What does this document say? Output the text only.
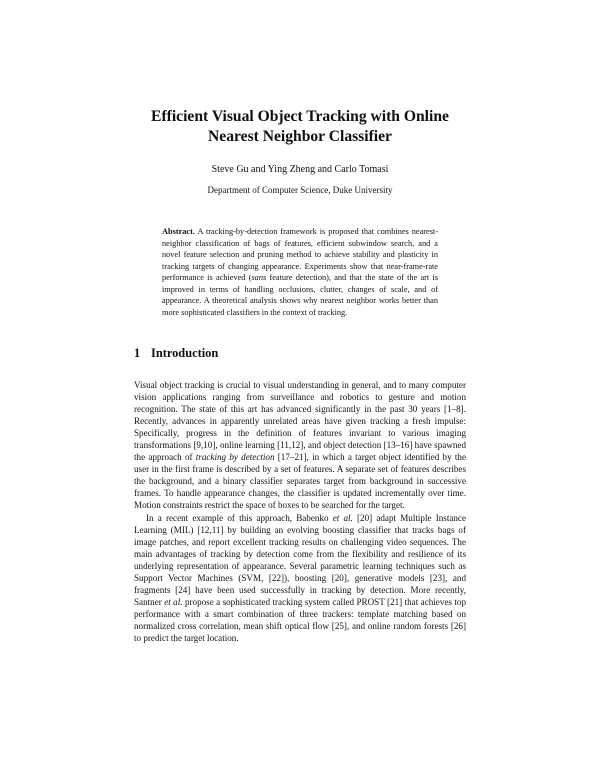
Efficient Visual Object Tracking with Online
Nearest Neighbor Classifier
Steve Gu and Ying Zheng and Carlo Tomasi
Department of Computer Science, Duke University
Abstract. A tracking-by-detection framework is proposed that combines nearest-neighbor classification of bags of features, efficient subwindow search, and a novel feature selection and pruning method to achieve stability and plasticity in tracking targets of changing appearance. Experiments show that near-frame-rate performance is achieved (sans feature detection), and that the state of the art is improved in terms of handling occlusions, clutter, changes of scale, and of appearance. A theoretical analysis shows why nearest neighbor works better than more sophisticated classifiers in the context of tracking.
1 Introduction

Visual object tracking is crucial to visual understanding in general, and to many computer vision applications ranging from surveillance and robotics to gesture and motion recognition. The state of this art has advanced significantly in the past 30 years [1–8]. Recently, advances in apparently unrelated areas have given tracking a fresh impulse: Specifically, progress in the definition of features invariant to various imaging transformations [9,10], online learning [11,12], and object detection [13–16] have spawned the approach of tracking by detection [17–21], in which a target object identified by the user in the first frame is described by a set of features. A separate set of features describes the background, and a binary classifier separates target from background in successive frames. To handle appearance changes, the classifier is updated incrementally over time. Motion constraints restrict the space of boxes to be searched for the target.

In a recent example of this approach, Babenko et al. [20] adapt Multiple Instance Learning (MIL) [12,11] by building an evolving boosting classifier that tracks bags of image patches, and report excellent tracking results on challenging video sequences. The main advantages of tracking by detection come from the flexibility and resilience of its underlying representation of appearance. Several parametric learning techniques such as Support Vector Machines (SVM, [22]), boosting [20], generative models [23], and fragments [24] have been used successfully in tracking by detection. More recently, Santner et al. propose a sophisticated tracking system called PROST [21] that achieves top performance with a smart combination of three trackers: template matching based on normalized cross correlation, mean shift optical flow [25], and online random forests [26] to predict the target location.
